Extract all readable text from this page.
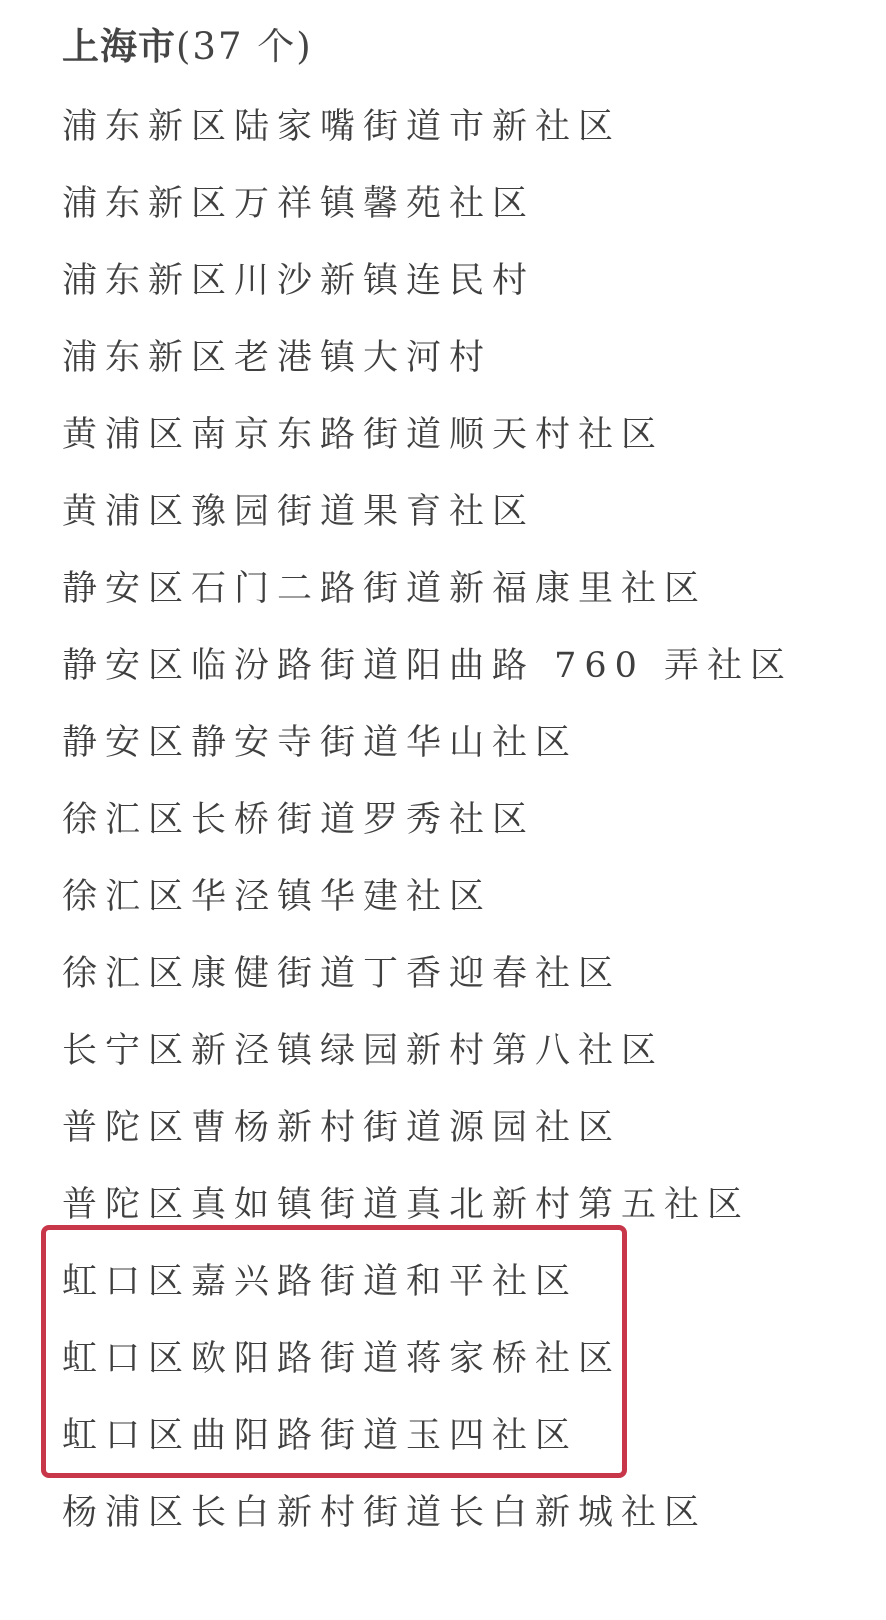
上海市(37 个)
浦东新区陆家嘴街道市新社区
浦东新区万祥镇馨苑社区
浦东新区川沙新镇连民村
浦东新区老港镇大河村
黄浦区南京东路街道顺天村社区
黄浦区豫园街道果育社区
静安区石门二路街道新福康里社区
静安区临汾路街道阳曲路 760 弄社区
静安区静安寺街道华山社区
徐汇区长桥街道罗秀社区
徐汇区华泾镇华建社区
徐汇区康健街道丁香迎春社区
长宁区新泾镇绿园新村第八社区
普陀区曹杨新村街道源园社区
普陀区真如镇街道真北新村第五社区
虹口区嘉兴路街道和平社区
虹口区欧阳路街道蒋家桥社区
虹口区曲阳路街道玉四社区
杨浦区长白新村街道长白新城社区
